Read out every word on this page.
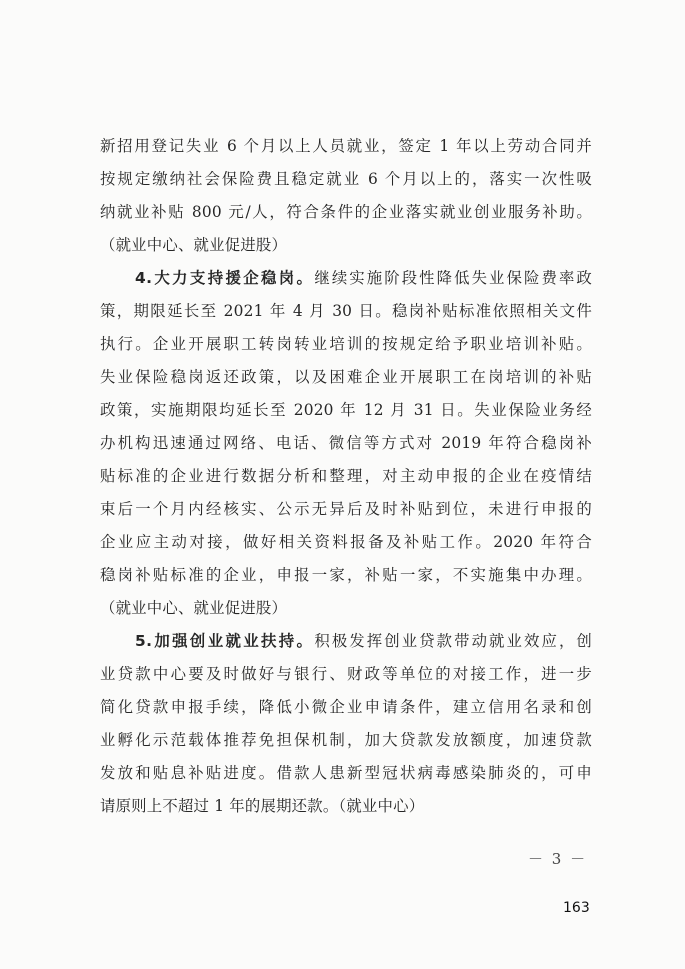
新招用登记失业 6 个月以上人员就业，签定 1 年以上劳动合同并
按规定缴纳社会保险费且稳定就业 6 个月以上的，落实一次性吸
纳就业补贴 800 元/人，符合条件的企业落实就业创业服务补助。
（就业中心、就业促进股）
　　4.大力支持援企稳岗。继续实施阶段性降低失业保险费率政
策，期限延长至 2021 年 4 月 30 日。稳岗补贴标准依照相关文件
执行。企业开展职工转岗转业培训的按规定给予职业培训补贴。
失业保险稳岗返还政策，以及困难企业开展职工在岗培训的补贴
政策，实施期限均延长至 2020 年 12 月 31 日。失业保险业务经
办机构迅速通过网络、电话、微信等方式对 2019 年符合稳岗补
贴标准的企业进行数据分析和整理，对主动申报的企业在疫情结
束后一个月内经核实、公示无异后及时补贴到位，未进行申报的
企业应主动对接，做好相关资料报备及补贴工作。2020 年符合
稳岗补贴标准的企业，申报一家，补贴一家，不实施集中办理。
（就业中心、就业促进股）
　　5.加强创业就业扶持。积极发挥创业贷款带动就业效应，创
业贷款中心要及时做好与银行、财政等单位的对接工作，进一步
简化贷款申报手续，降低小微企业申请条件，建立信用名录和创
业孵化示范载体推荐免担保机制，加大贷款发放额度，加速贷款
发放和贴息补贴进度。借款人患新型冠状病毒感染肺炎的，可申
请原则上不超过 1 年的展期还款。（就业中心）
－ 3 －
163
